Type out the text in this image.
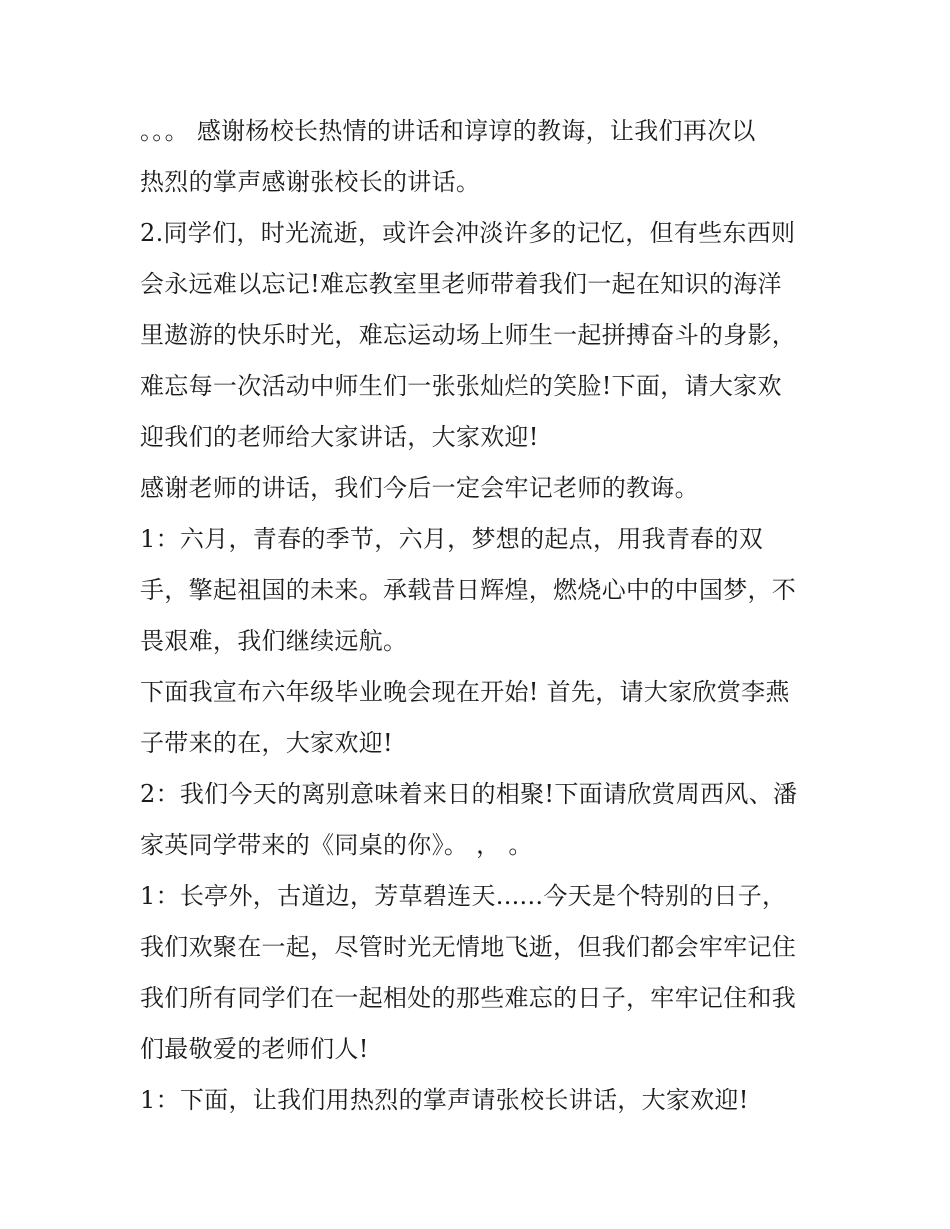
。。。 感谢杨校长热情的讲话和谆谆的教诲，让我们再次以
热烈的掌声感谢张校长的讲话。
2.同学们，时光流逝，或许会冲淡许多的记忆，但有些东西则
会永远难以忘记!难忘教室里老师带着我们一起在知识的海洋
里遨游的快乐时光，难忘运动场上师生一起拼搏奋斗的身影，
难忘每一次活动中师生们一张张灿烂的笑脸!下面，请大家欢
迎我们的老师给大家讲话，大家欢迎!
感谢老师的讲话，我们今后一定会牢记老师的教诲。
1：六月，青春的季节，六月，梦想的起点，用我青春的双
手，擎起祖国的未来。承载昔日辉煌，燃烧心中的中国梦，不
畏艰难，我们继续远航。
下面我宣布六年级毕业晚会现在开始! 首先，请大家欣赏李燕
子带来的在，大家欢迎!
2：我们今天的离别意味着来日的相聚!下面请欣赏周西风、潘
家英同学带来的《同桌的你》。 ， 。
1：长亭外，古道边，芳草碧连天......今天是个特别的日子，
我们欢聚在一起，尽管时光无情地飞逝，但我们都会牢牢记住
我们所有同学们在一起相处的那些难忘的日子，牢牢记住和我
们最敬爱的老师们人!
1：下面，让我们用热烈的掌声请张校长讲话，大家欢迎!
